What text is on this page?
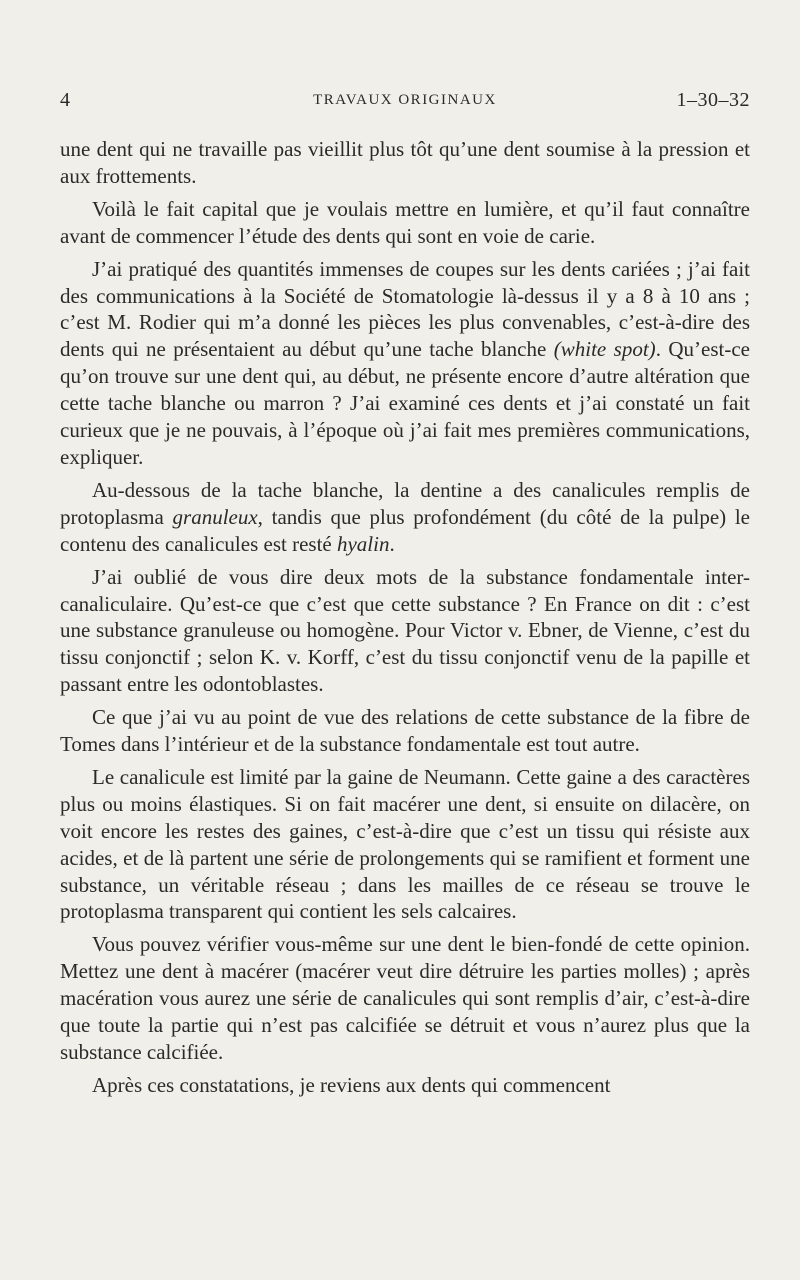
4	TRAVAUX ORIGINAUX	1–30–32

une dent qui ne travaille pas vieillit plus tôt qu’une dent soumise à la pression et aux frottements.

Voilà le fait capital que je voulais mettre en lumière, et qu’il faut connaître avant de commencer l’étude des dents qui sont en voie de carie.

J’ai pratiqué des quantités immenses de coupes sur les dents cariées ; j’ai fait des communications à la Société de Stomatologie là-dessus il y a 8 à 10 ans ; c’est M. Rodier qui m’a donné les pièces les plus convenables, c’est-à-dire des dents qui ne présentaient au début qu’une tache blanche (white spot). Qu’est-ce qu’on trouve sur une dent qui, au début, ne présente encore d’autre altération que cette tache blanche ou marron ? J’ai examiné ces dents et j’ai constaté un fait curieux que je ne pouvais, à l’époque où j’ai fait mes premières communications, expliquer.

Au-dessous de la tache blanche, la dentine a des canalicules remplis de protoplasma granuleux, tandis que plus profondément (du côté de la pulpe) le contenu des canalicules est resté hyalin.

J’ai oublié de vous dire deux mots de la substance fondamentale inter-canaliculaire. Qu’est-ce que c’est que cette substance ? En France on dit : c’est une substance granuleuse ou homogène. Pour Victor v. Ebner, de Vienne, c’est du tissu conjonctif ; selon K. v. Korff, c’est du tissu conjonctif venu de la papille et passant entre les odontoblastes.

Ce que j’ai vu au point de vue des relations de cette substance de la fibre de Tomes dans l’intérieur et de la substance fondamentale est tout autre.

Le canalicule est limité par la gaine de Neumann. Cette gaine a des caractères plus ou moins élastiques. Si on fait macérer une dent, si ensuite on dilacère, on voit encore les restes des gaines, c’est-à-dire que c’est un tissu qui résiste aux acides, et de là partent une série de prolongements qui se ramifient et forment une substance, un véritable réseau ; dans les mailles de ce réseau se trouve le protoplasma transparent qui contient les sels calcaires.

Vous pouvez vérifier vous-même sur une dent le bien-fondé de cette opinion. Mettez une dent à macérer (macérer veut dire détruire les parties molles) ; après macération vous aurez une série de canalicules qui sont remplis d’air, c’est-à-dire que toute la partie qui n’est pas calcifiée se détruit et vous n’aurez plus que la substance calcifiée.

Après ces constatations, je reviens aux dents qui commencent
